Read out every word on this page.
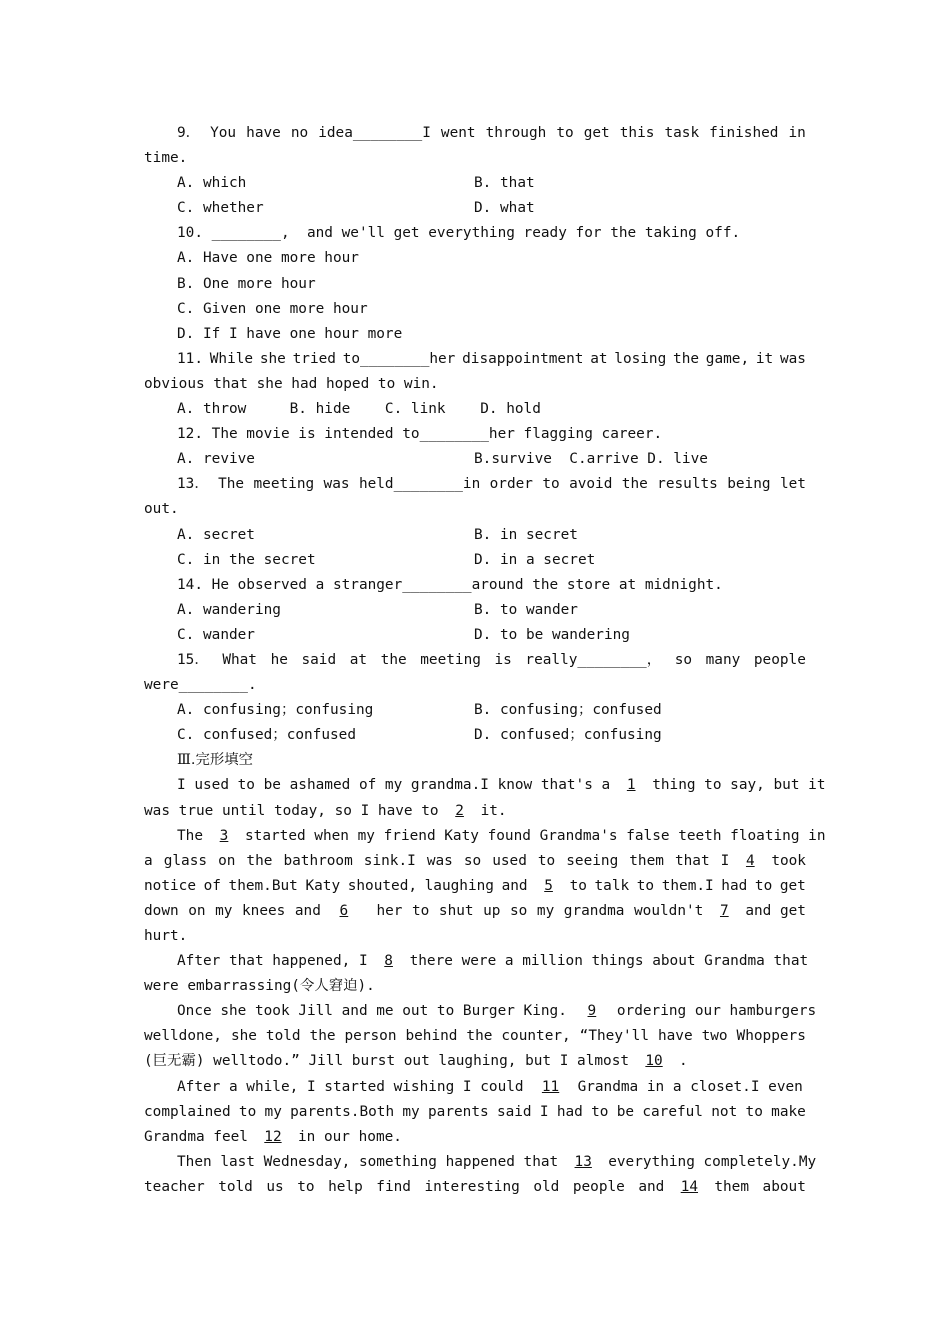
9． You have no idea________I went through to get this task finished in
time.
A. which	B. that
C. whether	D. what
10. ________,  and we'll get everything ready for the taking off.
A. Have one more hour
B. One more hour
C. Given one more hour
D. If I have one hour more
11. While she tried to________her disappointment at losing the game, it was
obvious that she had hoped to win.
A. throw     B. hide    C. link    D. hold
12. The movie is intended to________her flagging career.
A. revive	B.survive  C.arrive D. live
13． The meeting was held________in order to avoid the results being let
out.
A. secret	B. in secret
C. in the secret	D. in a secret
14. He observed a stranger________around the store at midnight.
A. wandering	B. to wander
C. wander	D. to be wandering
15． What he said at the meeting is really________， so many people
were________.
A. confusing；confusing	B. confusing；confused
C. confused；confused	D. confused；confusing
Ⅲ.完形填空
I used to be ashamed of my grandma.I know that's a 1 thing to say, but it
was true until today, so I have to 2 it.
The 3 started when my friend Katy found Grandma's false teeth floating in
a glass on the bathroom sink.I was so used to seeing them that I 4 took
notice of them.But Katy shouted, laughing and 5 to talk to them.I had to get
down on my knees and 6	her to shut up so my grandma wouldn't 7 and get
hurt.
After that happened, I 8 there were a million things about Grandma that
were embarrassing(令人窘迫).
Once she took Jill and me out to Burger King. 9 ordering our hamburgers
welldone, she told the person behind the counter, “They'll have two Whoppers
(巨无霸) welltodo.” Jill burst out laughing, but I almost 10 .
After a while, I started wishing I could 11 Grandma in a closet.I even
complained to my parents.Both my parents said I had to be careful not to make
Grandma feel 12 in our home.
Then last Wednesday, something happened that 13 everything completely.My
teacher told us to help find interesting old people and 14 them about
